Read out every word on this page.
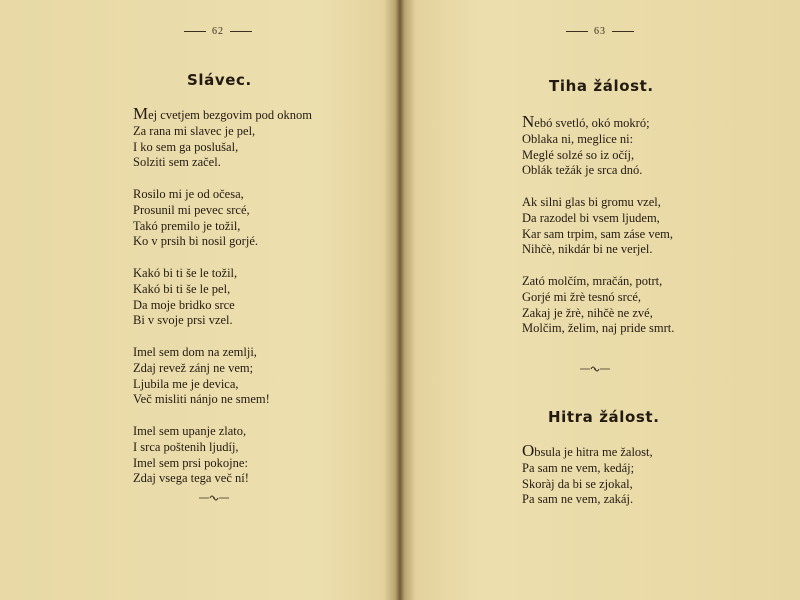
62
Slávec.
Mej cvetjem bezgovim pod oknom
Za rana mi slavec je pel,
I ko sem ga poslušal,
Solziti sem začel.
Rosilo mi je od očesa,
Prosunil mi pevec srcé,
Takó premilo je tožil,
Ko v prsih bi nosil gorjé.
Kakó bi ti še le tožil,
Kakó bi ti še le pel,
Da moje bridko srce
Bi v svoje prsi vzel.
Imel sem dom na zemlji,
Zdaj revež zánj ne vem;
Ljubila me je devica,
Več misliti nánjo ne smem!
Imel sem upanje zlato,
I srca poštenih ljudíj,
Imel sem prsi pokojne:
Zdaj vsega tega več ní!
63
Tiha žálost.
Nebó svetló, okó mokró;
Oblaka ni, meglice ni:
Meglé solzé so iz očíj,
Oblák težák je srca dnó.
Ak silni glas bi gromu vzel,
Da razodel bi vsem ljudem,
Kar sam trpim, sam záse vem,
Nihčè, nikdár bi ne verjel.
Zató molčím, mračán, potrt,
Gorjé mi žrè tesnó srcé,
Zakaj je žrè, nihčè ne zvé,
Molčim, želim, naj pride smrt.
Hitra žálost.
Obsula je hitra me žalost,
Pa sam ne vem, kedáj;
Skoràj da bi se zjokal,
Pa sam ne vem, zakáj.
